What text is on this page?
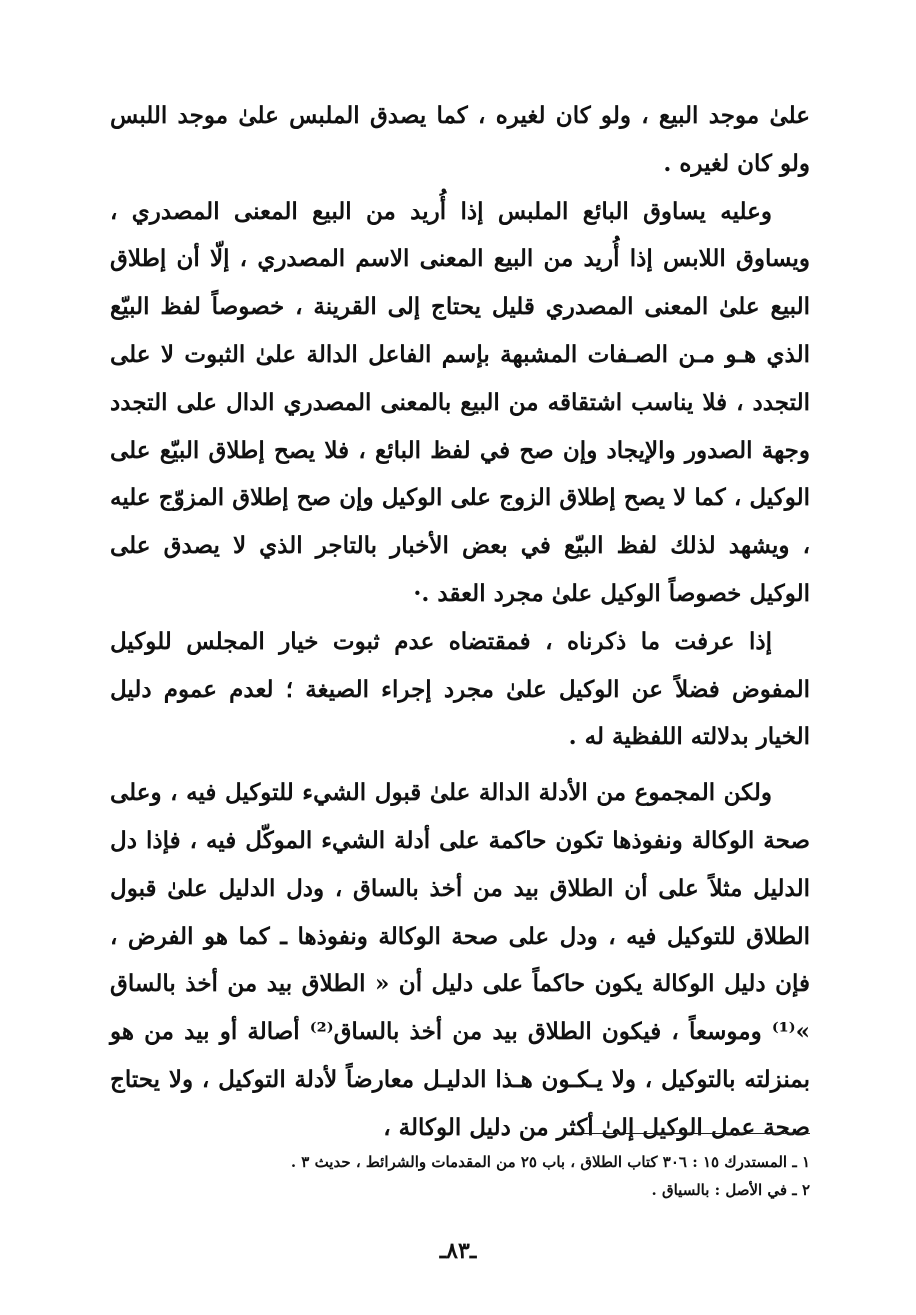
علىٰ موجد البيع ، ولو كان لغيره ، كما يصدق الملبس علىٰ موجد اللبس ولو كان لغيره .

وعليه يساوق البائع الملبس إذا أُريد من البيع المعنى المصدري ، ويساوق اللابس إذا أُريد من البيع المعنى الاسم المصدري ، إلّا أن إطلاق البيع علىٰ المعنى المصدري قليل يحتاج إلى القرينة ، خصوصاً لفظ البيّع الذي هـو مـن الصـفات المشبهة بإسم الفاعل الدالة علىٰ الثبوت لا على التجدد ، فلا يناسب اشتقاقه من البيع بالمعنى المصدري الدال على التجدد وجهة الصدور والإيجاد وإن صح في لفظ البائع ، فلا يصح إطلاق البيّع على الوكيل ، كما لا يصح إطلاق الزوج على الوكيل وإن صح إطلاق المزوّج عليه ، ويشهد لذلك لفظ البيّع في بعض الأخبار بالتاجر الذي لا يصدق على الوكيل خصوصاً الوكيل علىٰ مجرد العقد .·

إذا عرفت ما ذكرناه ، فمقتضاه عدم ثبوت خيار المجلس للوكيل المفوض فضلاً عن الوكيل علىٰ مجرد إجراء الصيغة ؛ لعدم عموم دليل الخيار بدلالته اللفظية له .

ولكن المجموع من الأدلة الدالة علىٰ قبول الشيء للتوكيل فيه ، وعلى صحة الوكالة ونفوذها تكون حاكمة على أدلة الشيء الموكّل فيه ، فإذا دل الدليل مثلاً على أن الطلاق بيد من أخذ بالساق ، ودل الدليل علىٰ قبول الطلاق للتوكيل فيه ، ودل على صحة الوكالة ونفوذها ـ كما هو الفرض ، فإن دليل الوكالة يكون حاكماً على دليل أن « الطلاق بيد من أخذ بالساق »⁽¹⁾ وموسعاً ، فيكون الطلاق بيد من أخذ بالساق⁽²⁾ أصالة أو بيد من هو بمنزلته بالتوكيل ، ولا يـكـون هـذا الدليـل معارضاً لأدلة التوكيل ، ولا يحتاج صحة عمل الوكيل إلىٰ أكثر من دليل الوكالة ،

١ ـ المستدرك ١٥ : ٣٠٦ كتاب الطلاق ، باب ٢٥ من المقدمات والشرائط ، حديث ٣ .

٢ ـ في الأصل : بالسياق .

ـ٨٣ـ
